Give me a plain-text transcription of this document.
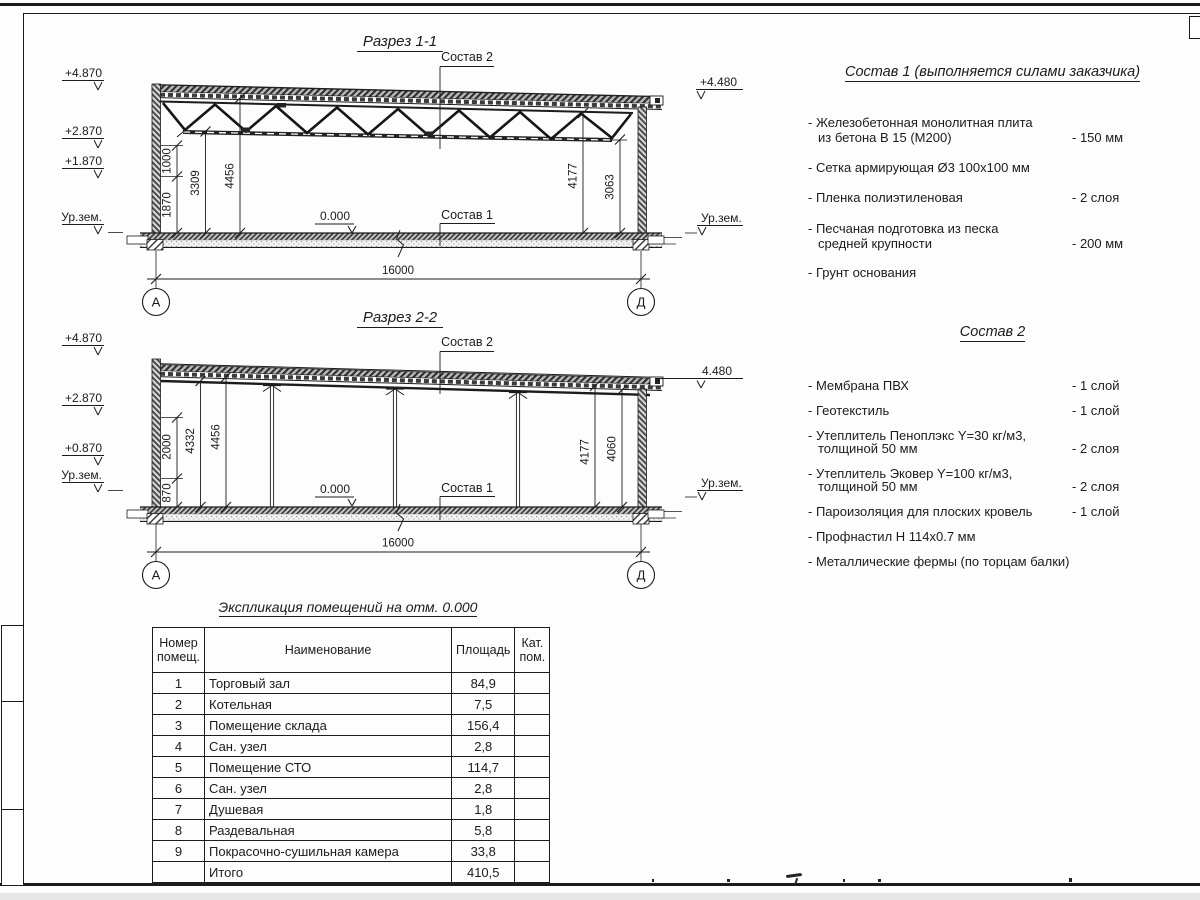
Разрез 1-1
Состав 2
Состав 1
0.000
+4.870
+2.870
+1.870
Ур.зем.
+4.480
Ур.зем.
1000
1870
3309 4456	4177 3063
16000
А	Д
Разрез 2-2
Состав 2
Состав 1
0.000
+4.870
+2.870
+0.870
Ур.зем.
4.480
Ур.зем.
870
2000 4332 4456
4177 4060
16000
А	Д
Состав 1 (выполняется силами заказчика)
- Железобетонная монолитная плита
из бетона В 15 (М200)	- 150 мм
- Сетка армирующая Ø3 100x100 мм
- Пленка полиэтиленовая	- 2 слоя
- Песчаная подготовка из песка
средней крупности	- 200 мм
- Грунт основания
Состав 2
- Мембрана ПВХ	- 1 слой
- Геотекстиль	- 1 слой
- Утеплитель Пеноплэкс Y=30 кг/м3,
толщиной 50 мм	- 2 слоя
- Утеплитель Эковер Y=100 кг/м3,
толщиной 50 мм	- 2 слоя
- Пароизоляция для плоских кровель	- 1 слой
- Профнастил Н 114x0.7 мм
- Металлические фермы (по торцам балки)
Экспликация помещений на отм. 0.000
Номер
помещ.	Наименование	Площадь	Кат.
пом.

1	Торговый зал	84,9	
2	Котельная	7,5	
3	Помещение склада	156,4	
4	Сан. узел	2,8	
5	Помещение СТО	114,7	
6	Сан. узел	2,8	
7	Душевая	1,8	
8	Раздевальная	5,8	
9	Покрасочно-сушильная камера	33,8	
	Итого	410,5	
